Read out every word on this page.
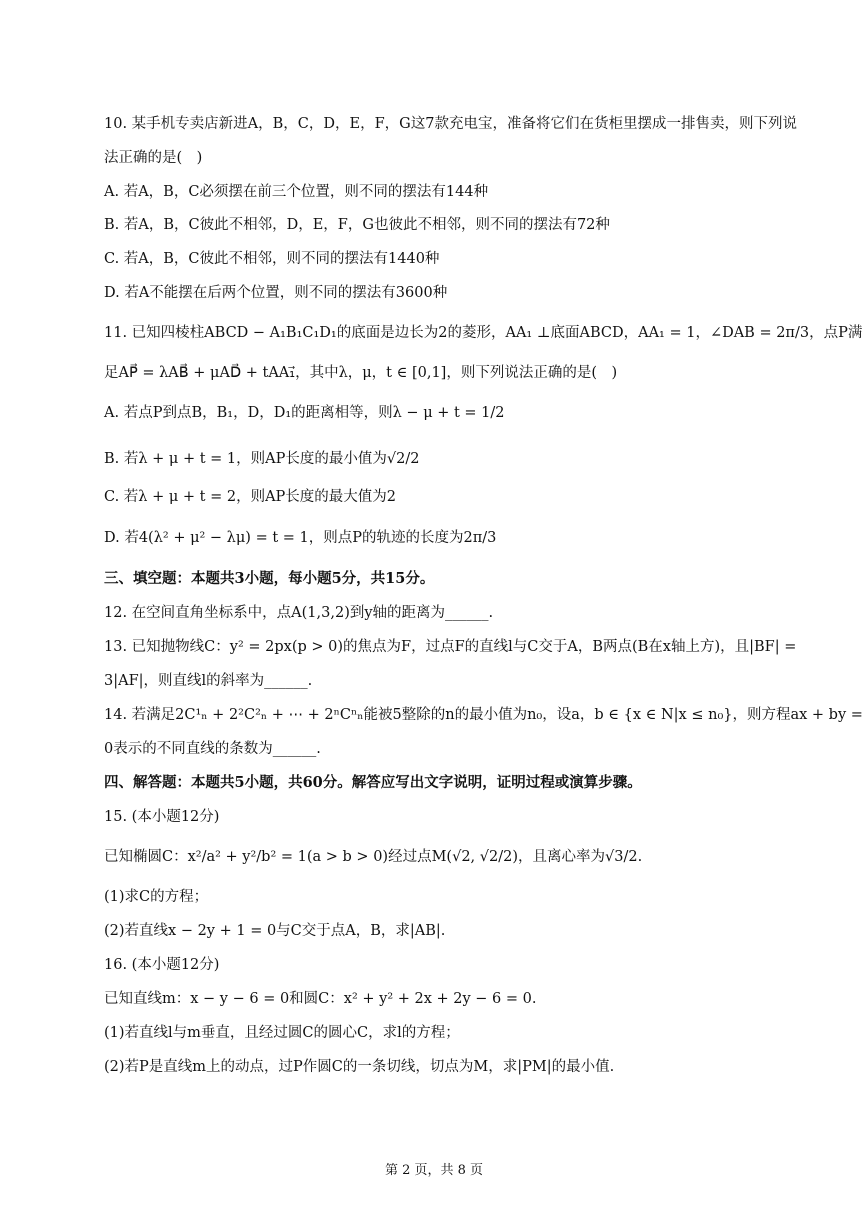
10. 某手机专卖店新进A，B，C，D，E，F，G这7款充电宝，准备将它们在货柜里摆成一排售卖，则下列说
法正确的是(　)
A. 若A，B，C必须摆在前三个位置，则不同的摆法有144种
B. 若A，B，C彼此不相邻，D，E，F，G也彼此不相邻，则不同的摆法有72种
C. 若A，B，C彼此不相邻，则不同的摆法有1440种
D. 若A不能摆在后两个位置，则不同的摆法有3600种
11. 已知四棱柱ABCD − A₁B₁C₁D₁的底面是边长为2的菱形，AA₁ ⊥底面ABCD，AA₁ = 1，∠DAB = 2π/3，点P满
足AP⃗ = λAB⃗ + μAD⃗ + tAA₁⃗，其中λ，μ，t ∈ [0,1]，则下列说法正确的是(　)
A. 若点P到点B，B₁，D，D₁的距离相等，则λ − μ + t = 1/2
B. 若λ + μ + t = 1，则AP长度的最小值为√2/2
C. 若λ + μ + t = 2，则AP长度的最大值为2
D. 若4(λ² + μ² − λμ) = t = 1，则点P的轨迹的长度为2π/3
三、填空题：本题共3小题，每小题5分，共15分。
12. 在空间直角坐标系中，点A(1,3,2)到y轴的距离为______.
13. 已知抛物线C：y² = 2px(p > 0)的焦点为F，过点F的直线l与C交于A，B两点(B在x轴上方)，且|BF| =
3|AF|，则直线l的斜率为______.
14. 若满足2C¹ₙ + 2²C²ₙ + ⋯ + 2ⁿCⁿₙ能被5整除的n的最小值为n₀，设a，b ∈ {x ∈ N|x ≤ n₀}，则方程ax + by =
0表示的不同直线的条数为______.
四、解答题：本题共5小题，共60分。解答应写出文字说明，证明过程或演算步骤。
15. (本小题12分)
已知椭圆C：x²/a² + y²/b² = 1(a > b > 0)经过点M(√2, √2/2)，且离心率为√3/2.
(1)求C的方程；
(2)若直线x − 2y + 1 = 0与C交于点A，B，求|AB|.
16. (本小题12分)
已知直线m：x − y − 6 = 0和圆C：x² + y² + 2x + 2y − 6 = 0.
(1)若直线l与m垂直，且经过圆C的圆心C，求l的方程；
(2)若P是直线m上的动点，过P作圆C的一条切线，切点为M，求|PM|的最小值.
第 2 页，共 8 页
